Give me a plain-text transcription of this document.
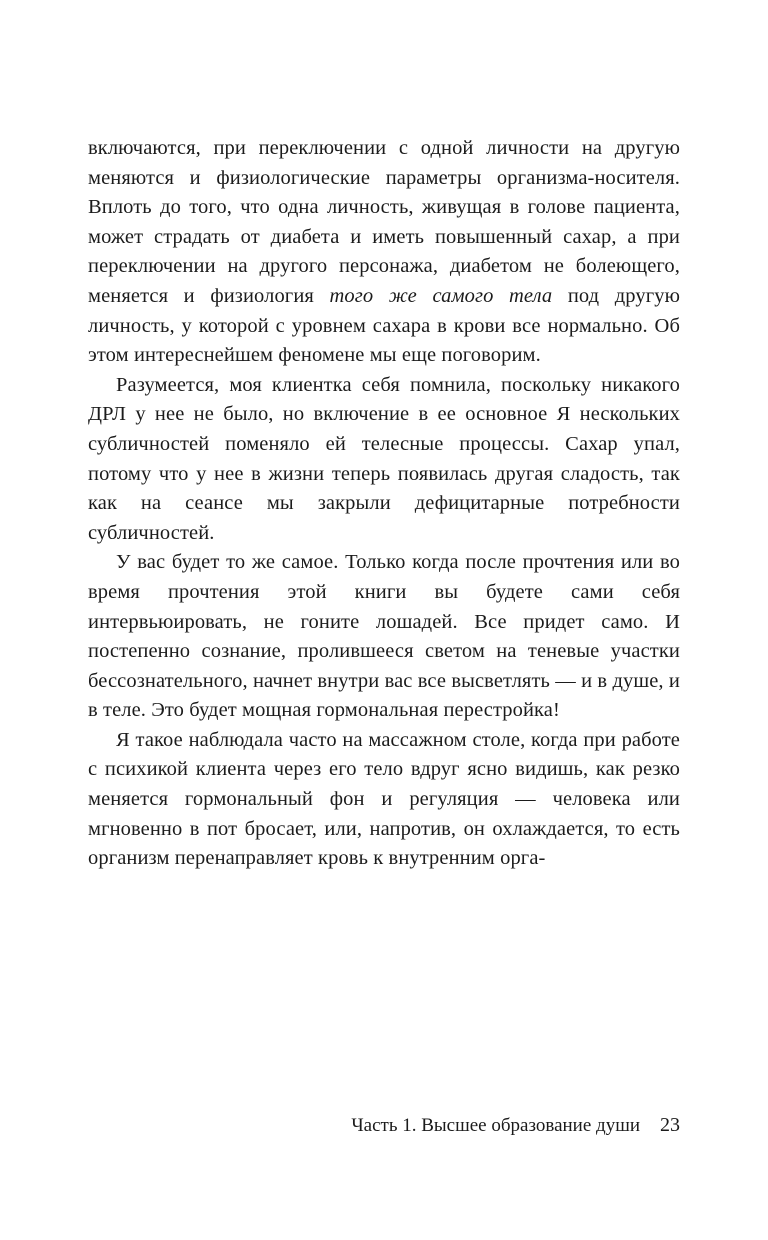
включаются, при переключении с одной личности на другую меняются и физиологические параметры организма-носителя. Вплоть до того, что одна личность, живущая в голове пациента, может страдать от диабета и иметь повышенный сахар, а при переключении на другого персонажа, диабетом не болеющего, меняется и физиология того же самого тела под другую личность, у которой с уровнем сахара в крови все нормально. Об этом интереснейшем феномене мы еще поговорим.

Разумеется, моя клиентка себя помнила, поскольку никакого ДРЛ у нее не было, но включение в ее основное Я нескольких субличностей поменяло ей телесные процессы. Сахар упал, потому что у нее в жизни теперь появилась другая сладость, так как на сеансе мы закрыли дефицитарные потребности субличностей.

У вас будет то же самое. Только когда после прочтения или во время прочтения этой книги вы будете сами себя интервьюировать, не гоните лошадей. Все придет само. И постепенно сознание, пролившееся светом на теневые участки бессознательного, начнет внутри вас все высветлять — и в душе, и в теле. Это будет мощная гормональная перестройка!

Я такое наблюдала часто на массажном столе, когда при работе с психикой клиента через его тело вдруг ясно видишь, как резко меняется гормональный фон и регуляция — человека или мгновенно в пот бросает, или, напротив, он охлаждается, то есть организм перенаправляет кровь к внутренним орга-

Часть 1. Высшее образование души 23
